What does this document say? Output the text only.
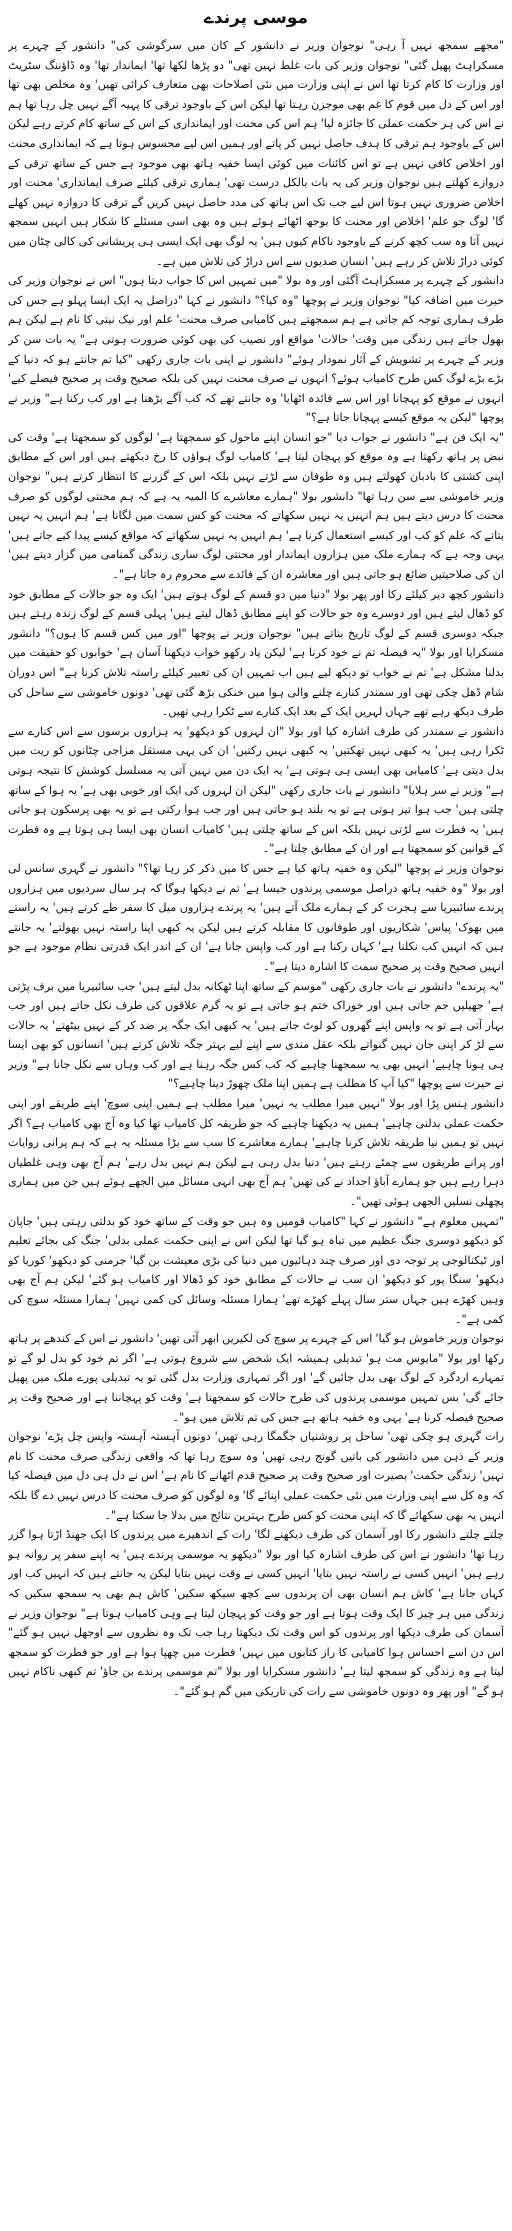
موسی پرندے

"مجھے سمجھ نہیں آ رہی" نوجوان وزیر نے دانشور کے کان میں سرگوشی کی" دانشور کے چہرے پر مسکراہٹ پھیل گئی" نوجوان وزیر کی بات غلط نہیں تھی" دو پڑھا لکھا تھا' ایماندار تھا' وہ ڈاؤننگ سٹریٹ اور وزارت کا کام کرتا تھا اس نے اپنی وزارت میں نئی اصلاحات بھی متعارف کرائی تھیں' وہ مخلص بھی تھا اور اس کے دل میں قوم کا غم بھی موجزن رہتا تھا لیکن اس کے باوجود ترقی کا پہیہ آگے نہیں چل رہا تھا ہم نے اس کی ہر حکمت عملی کا جائزہ لیا' ہم اس کی محنت اور ایمانداری کے اس کے ساتھ کام کرتے رہے لیکن اس کے باوجود ہم ترقی کا ہدف حاصل نہیں کر پاتے اور ہمیں اس لیے محسوس ہوتا ہے کہ ایمانداری محنت اور اخلاص کافی نہیں ہے تو اس کائنات میں کوئی ایسا خفیہ ہاتھ بھی موجود ہے جس کے ساتھ ترقی کے دروازے کھلتے ہیں نوجوان وزیر کی یہ بات بالکل درست تھی' ہماری ترقی کیلئے صرف ایمانداری' محنت اور اخلاص ضروری نہیں ہوتا اس لیے جب تک اس ہاتھ کی مدد حاصل نہیں کریں گے ترقی کا دروازہ نہیں کھلے گا' لوگ جو علم' اخلاص اور محنت کا بوجھ اٹھائے ہوئے ہیں وہ بھی اسی مسئلے کا شکار ہیں انہیں سمجھ نہیں آتا وہ سب کچھ کرنے کے باوجود ناکام کیوں ہیں' یہ لوگ بھی ایک ایسی ہی پریشانی کی کالی چٹان میں کوئی دراڑ تلاش کر رہے ہیں' انسان صدیوں سے اس دراڑ کی تلاش میں ہے۔

دانشور کے چہرے پر مسکراہٹ آگئی اور وہ بولا "میں تمہیں اس کا جواب دیتا ہوں" اس نے نوجوان وزیر کی حیرت میں اضافہ کیا" نوجوان وزیر نے پوچھا "وہ کیا؟" دانشور نے کہا "دراصل یہ ایک ایسا پہلو ہے جس کی طرف ہماری توجہ کم جاتی ہے ہم سمجھتے ہیں کامیابی صرف محنت' علم اور نیک نیتی کا نام ہے لیکن ہم بھول جاتے ہیں زندگی میں وقت' حالات' مواقع اور نصیب کی بھی کوئی ضرورت ہوتی ہے" یہ بات سن کر وزیر کے چہرے پر تشویش کے آثار نمودار ہوئے" دانشور نے اپنی بات جاری رکھی "کیا تم جانتے ہو کہ دنیا کے بڑے بڑے لوگ کس طرح کامیاب ہوئے؟ انہوں نے صرف محنت نہیں کی بلکہ صحیح وقت پر صحیح فیصلے کیے' انہوں نے موقع کو پہچانا اور اس سے فائدہ اٹھایا' وہ جانتے تھے کہ کب آگے بڑھنا ہے اور کب رکنا ہے" وزیر نے پوچھا "لیکن یہ موقع کیسے پہچانا جاتا ہے؟"

"یہ ایک فن ہے" دانشور نے جواب دیا "جو انسان اپنے ماحول کو سمجھتا ہے' لوگوں کو سمجھتا ہے' وقت کی نبض پر ہاتھ رکھتا ہے وہ موقع کو پہچان لیتا ہے' کامیاب لوگ ہواؤں کا رخ دیکھتے ہیں اور اس کے مطابق اپنی کشتی کا بادبان کھولتے ہیں وہ طوفان سے لڑتے نہیں بلکہ اس کے گزرنے کا انتظار کرتے ہیں" نوجوان وزیر خاموشی سے سن رہا تھا" دانشور بولا "ہمارے معاشرے کا المیہ یہ ہے کہ ہم محنتی لوگوں کو صرف محنت کا درس دیتے ہیں ہم انہیں یہ نہیں سکھاتے کہ محنت کو کس سمت میں لگانا ہے' ہم انہیں یہ نہیں بتاتے کہ علم کو کب اور کیسے استعمال کرنا ہے' ہم انہیں یہ نہیں سکھاتے کہ مواقع کیسے پیدا کیے جاتے ہیں' یہی وجہ ہے کہ ہمارے ملک میں ہزاروں ایماندار اور محنتی لوگ ساری زندگی گمنامی میں گزار دیتے ہیں' ان کی صلاحیتیں ضائع ہو جاتی ہیں اور معاشرہ ان کے فائدے سے محروم رہ جاتا ہے"۔

دانشور کچھ دیر کیلئے رکا اور پھر بولا "دنیا میں دو قسم کے لوگ ہوتے ہیں' ایک وہ جو حالات کے مطابق خود کو ڈھال لیتے ہیں اور دوسرے وہ جو حالات کو اپنے مطابق ڈھال لیتے ہیں' پہلی قسم کے لوگ زندہ رہتے ہیں جبکہ دوسری قسم کے لوگ تاریخ بناتے ہیں" نوجوان وزیر نے پوچھا "اور میں کس قسم کا ہوں؟" دانشور مسکرایا اور بولا "یہ فیصلہ تم نے خود کرنا ہے' لیکن یاد رکھو خواب دیکھنا آسان ہے' خوابوں کو حقیقت میں بدلنا مشکل ہے' تم نے خواب تو دیکھ لیے ہیں اب تمہیں ان کی تعبیر کیلئے راستہ تلاش کرنا ہے" اس دوران شام ڈھل چکی تھی اور سمندر کنارے چلنے والی ہوا میں خنکی بڑھ گئی تھی' دونوں خاموشی سے ساحل کی طرف دیکھ رہے تھے جہاں لہریں ایک کے بعد ایک کنارے سے ٹکرا رہی تھیں۔

دانشور نے سمندر کی طرف اشارہ کیا اور بولا "ان لہروں کو دیکھو' یہ ہزاروں برسوں سے اس کنارے سے ٹکرا رہی ہیں' یہ کبھی نہیں تھکتیں' یہ کبھی نہیں رکتیں' ان کی یہی مستقل مزاجی چٹانوں کو ریت میں بدل دیتی ہے' کامیابی بھی ایسی ہی ہوتی ہے' یہ ایک دن میں نہیں آتی یہ مسلسل کوشش کا نتیجہ ہوتی ہے" وزیر نے سر ہلایا" دانشور نے بات جاری رکھی "لیکن ان لہروں کی ایک اور خوبی بھی ہے' یہ ہوا کے ساتھ چلتی ہیں' جب ہوا تیز ہوتی ہے تو یہ بلند ہو جاتی ہیں اور جب ہوا رکتی ہے تو یہ بھی پرسکون ہو جاتی ہیں' یہ فطرت سے لڑتی نہیں بلکہ اس کے ساتھ چلتی ہیں' کامیاب انسان بھی ایسا ہی ہوتا ہے وہ فطرت کے قوانین کو سمجھتا ہے اور ان کے مطابق چلتا ہے"۔

نوجوان وزیر نے پوچھا "لیکن وہ خفیہ ہاتھ کیا ہے جس کا میں ذکر کر رہا تھا؟" دانشور نے گہری سانس لی اور بولا "وہ خفیہ ہاتھ دراصل موسمی پرندوں جیسا ہے' تم نے دیکھا ہوگا کہ ہر سال سردیوں میں ہزاروں پرندے سائبیریا سے ہجرت کر کے ہمارے ملک آتے ہیں' یہ پرندے ہزاروں میل کا سفر طے کرتے ہیں' یہ راستے میں بھوک' پیاس' شکاریوں اور طوفانوں کا مقابلہ کرتے ہیں لیکن یہ کبھی اپنا راستہ نہیں بھولتے' یہ جانتے ہیں کہ انہیں کب نکلنا ہے' کہاں رکنا ہے اور کب واپس جانا ہے' ان کے اندر ایک قدرتی نظام موجود ہے جو انہیں صحیح وقت پر صحیح سمت کا اشارہ دیتا ہے"۔

"یہ پرندے" دانشور نے بات جاری رکھی "موسم کے ساتھ اپنا ٹھکانہ بدل لیتے ہیں' جب سائبیریا میں برف پڑتی ہے' جھیلیں جم جاتی ہیں اور خوراک ختم ہو جاتی ہے تو یہ گرم علاقوں کی طرف نکل جاتے ہیں اور جب بہار آتی ہے تو یہ واپس اپنے گھروں کو لوٹ جاتے ہیں' یہ کبھی ایک جگہ پر ضد کر کے نہیں بیٹھتے' یہ حالات سے لڑ کر اپنی جان نہیں گنواتے بلکہ عقل مندی سے اپنے لیے بہتر جگہ تلاش کرتے ہیں' انسانوں کو بھی ایسا ہی ہونا چاہیے' انہیں بھی یہ سمجھنا چاہیے کہ کب کس جگہ رہنا ہے اور کب وہاں سے نکل جانا ہے" وزیر نے حیرت سے پوچھا "کیا آپ کا مطلب ہے ہمیں اپنا ملک چھوڑ دینا چاہیے؟"

دانشور ہنس پڑا اور بولا "نہیں میرا مطلب یہ نہیں' میرا مطلب ہے ہمیں اپنی سوچ' اپنے طریقے اور اپنی حکمت عملی بدلنی چاہیے' ہمیں یہ دیکھنا چاہیے کہ جو طریقہ کل کامیاب تھا کیا وہ آج بھی کامیاب ہے؟ اگر نہیں تو ہمیں نیا طریقہ تلاش کرنا چاہیے' ہمارے معاشرے کا سب سے بڑا مسئلہ یہ ہے کہ ہم پرانی روایات اور پرانے طریقوں سے چمٹے رہتے ہیں' دنیا بدل رہی ہے لیکن ہم نہیں بدل رہے' ہم آج بھی وہی غلطیاں دہرا رہے ہیں جو ہمارے آباؤ اجداد نے کی تھیں' ہم آج بھی انہی مسائل میں الجھے ہوئے ہیں جن میں ہماری پچھلی نسلیں الجھی ہوئی تھیں"۔

"تمہیں معلوم ہے" دانشور نے کہا "کامیاب قومیں وہ ہیں جو وقت کے ساتھ خود کو بدلتی رہتی ہیں' جاپان کو دیکھو دوسری جنگ عظیم میں تباہ ہو گیا تھا لیکن اس نے اپنی حکمت عملی بدلی' جنگ کی بجائے تعلیم اور ٹیکنالوجی پر توجہ دی اور صرف چند دہائیوں میں دنیا کی بڑی معیشت بن گیا' جرمنی کو دیکھو' کوریا کو دیکھو' سنگا پور کو دیکھو' ان سب نے حالات کے مطابق خود کو ڈھالا اور کامیاب ہو گئے' لیکن ہم آج بھی وہیں کھڑے ہیں جہاں ستر سال پہلے کھڑے تھے' ہمارا مسئلہ وسائل کی کمی نہیں' ہمارا مسئلہ سوچ کی کمی ہے"۔

نوجوان وزیر خاموش ہو گیا' اس کے چہرے پر سوچ کی لکیریں ابھر آئی تھیں' دانشور نے اس کے کندھے پر ہاتھ رکھا اور بولا "مایوس مت ہو' تبدیلی ہمیشہ ایک شخص سے شروع ہوتی ہے' اگر تم خود کو بدل لو گے تو تمہارے اردگرد کے لوگ بھی بدل جائیں گے' اور اگر تمہاری وزارت بدل گئی تو یہ تبدیلی پورے ملک میں پھیل جائے گی' بس تمہیں موسمی پرندوں کی طرح حالات کو سمجھنا ہے' وقت کو پہچاننا ہے اور صحیح وقت پر صحیح فیصلہ کرنا ہے' یہی وہ خفیہ ہاتھ ہے جس کی تم تلاش میں ہو"۔

رات گہری ہو چکی تھی' ساحل پر روشنیاں جگمگا رہی تھیں' دونوں آہستہ آہستہ واپس چل پڑے' نوجوان وزیر کے ذہن میں دانشور کی باتیں گونج رہی تھیں' وہ سوچ رہا تھا کہ واقعی زندگی صرف محنت کا نام نہیں' زندگی حکمت' بصیرت اور صحیح وقت پر صحیح قدم اٹھانے کا نام ہے' اس نے دل ہی دل میں فیصلہ کیا کہ وہ کل سے اپنی وزارت میں نئی حکمت عملی اپنائے گا' وہ لوگوں کو صرف محنت کا درس نہیں دے گا بلکہ انہیں یہ بھی سکھائے گا کہ اپنی محنت کو کس طرح بہترین نتائج میں بدلا جا سکتا ہے"۔

چلتے چلتے دانشور رکا اور آسمان کی طرف دیکھنے لگا' رات کے اندھیرے میں پرندوں کا ایک جھنڈ اڑتا ہوا گزر رہا تھا' دانشور نے اس کی طرف اشارہ کیا اور بولا "دیکھو یہ موسمی پرندے ہیں' یہ اپنے سفر پر روانہ ہو رہے ہیں' انہیں کسی نے راستہ نہیں بتایا' انہیں کسی نے وقت نہیں بتایا لیکن یہ جانتے ہیں کہ انہیں کب اور کہاں جانا ہے' کاش ہم انسان بھی ان پرندوں سے کچھ سیکھ سکیں' کاش ہم بھی یہ سمجھ سکیں کہ زندگی میں ہر چیز کا ایک وقت ہوتا ہے اور جو وقت کو پہچان لیتا ہے وہی کامیاب ہوتا ہے" نوجوان وزیر نے آسمان کی طرف دیکھا اور پرندوں کو اس وقت تک دیکھتا رہا جب تک وہ نظروں سے اوجھل نہیں ہو گئے" اس دن اسے احساس ہوا کامیابی کا راز کتابوں میں نہیں' فطرت میں چھپا ہوا ہے اور جو فطرت کو سمجھ لیتا ہے وہ زندگی کو سمجھ لیتا ہے' دانشور مسکرایا اور بولا "تم موسمی پرندے بن جاؤ' تم کبھی ناکام نہیں ہو گے" اور پھر وہ دونوں خاموشی سے رات کی تاریکی میں گم ہو گئے"۔
